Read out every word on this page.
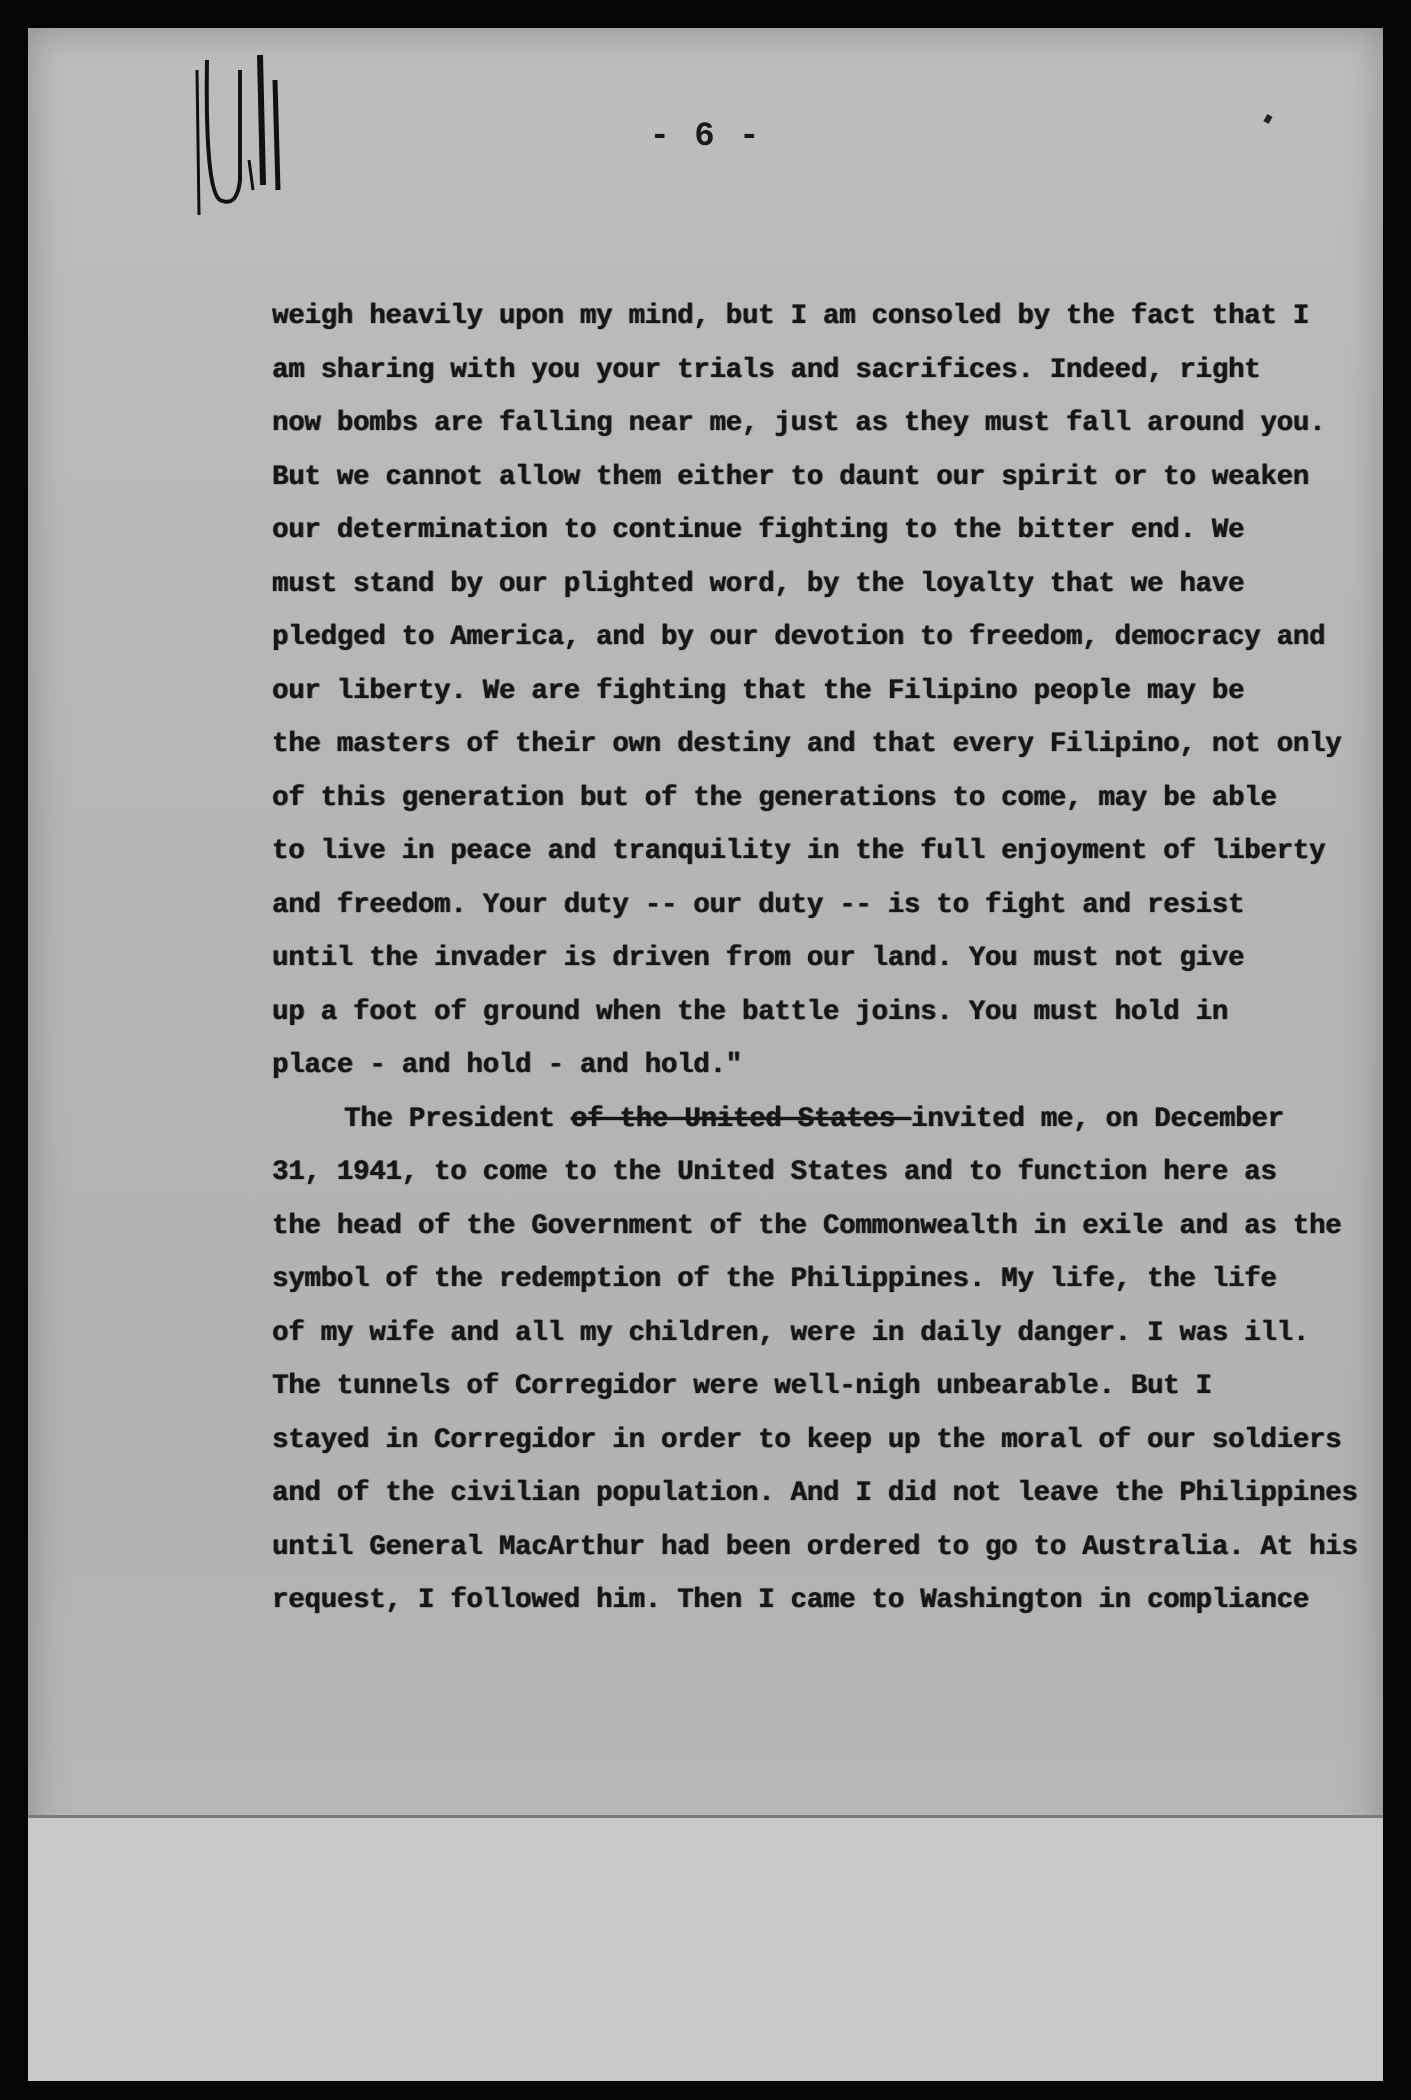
- 6 -
weigh heavily upon my mind, but I am consoled by the fact that I
am sharing with you your trials and sacrifices. Indeed, right
now bombs are falling near me, just as they must fall around you.
But we cannot allow them either to daunt our spirit or to weaken
our determination to continue fighting to the bitter end. We
must stand by our plighted word, by the loyalty that we have
pledged to America, and by our devotion to freedom, democracy and
our liberty. We are fighting that the Filipino people may be
the masters of their own destiny and that every Filipino, not only
of this generation but of the generations to come, may be able
to live in peace and tranquility in the full enjoyment of liberty
and freedom. Your duty -- our duty -- is to fight and resist
until the invader is driven from our land. You must not give
up a foot of ground when the battle joins. You must hold in
place - and hold - and hold."
The President of the United States invited me, on December
31, 1941, to come to the United States and to function here as
the head of the Government of the Commonwealth in exile and as the
symbol of the redemption of the Philippines. My life, the life
of my wife and all my children, were in daily danger. I was ill.
The tunnels of Corregidor were well-nigh unbearable. But I
stayed in Corregidor in order to keep up the moral of our soldiers
and of the civilian population. And I did not leave the Philippines
until General MacArthur had been ordered to go to Australia. At his
request, I followed him. Then I came to Washington in compliance
